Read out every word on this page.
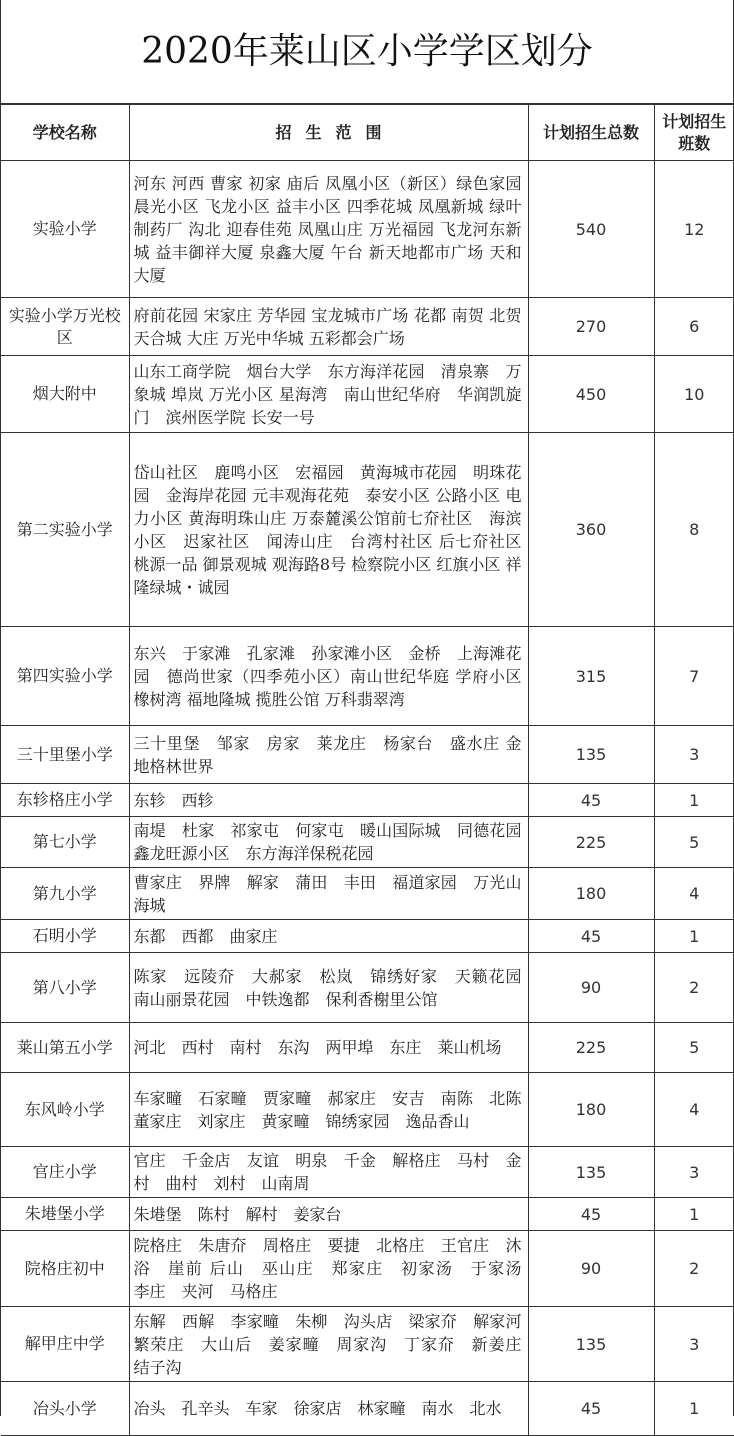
2020年莱山区小学学区划分
学校名称	招生范围	计划招生总数	计划招生班数
实验小学	河东 河西 曹家 初家 庙后 凤凰小区（新区）绿色家园 晨光小区 飞龙小区 益丰小区 四季花城 凤凰新城 绿叶制药厂 沟北 迎春佳苑 凤凰山庄 万光福园 飞龙河东新城 益丰御祥大厦 泉鑫大厦 午台 新天地都市广场 天和大厦	540	12
实验小学万光校区	府前花园 宋家庄 芳华园 宝龙城市广场 花都 南贺 北贺 天合城 大庄 万光中华城 五彩都会广场	270	6
烟大附中	山东工商学院　烟台大学　东方海洋花园　清泉寨　万象城 埠岚 万光小区 星海湾　南山世纪华府　华润凯旋门　滨州医学院 长安一号	450	10
第二实验小学	岱山社区　鹿鸣小区　宏福园　黄海城市花园　明珠花园　金海岸花园 元丰观海花苑　泰安小区 公路小区 电力小区 黄海明珠山庄 万泰麓溪公馆前七夼社区　海滨小区　迟家社区　闻涛山庄　台湾村社区 后七夼社区 桃源一品 御景观城 观海路8号 检察院小区 红旗小区 祥隆绿城・诚园	360	8
第四实验小学	东兴　于家滩　孔家滩　孙家滩小区　金桥　上海滩花园　德尚世家（四季苑小区）南山世纪华庭 学府小区 橡树湾 福地隆城 揽胜公馆 万科翡翠湾	315	7
三十里堡小学	三十里堡　邹家　房家　莱龙庄　杨家台　盛水庄 金地格林世界	135	3
东轸格庄小学	东轸　西轸	45	1
第七小学	南堤　杜家　祁家屯　何家屯　暖山国际城　同德花园　鑫龙旺源小区　东方海洋保税花园	225	5
第九小学	曹家庄　界牌　解家　蒲田　丰田　福道家园　万光山海城	180	4
石明小学	东都　西都　曲家庄	45	1
第八小学	陈家　远陵夼　大郝家　松岚　锦绣好家　天籁花园　南山丽景花园　中铁逸都　保利香榭里公馆	90	2
莱山第五小学	河北　西村　南村　东沟　两甲埠　东庄　莱山机场	225	5
东风岭小学	车家疃　石家疃　贾家疃　郝家庄　安吉　南陈　北陈　董家庄　刘家庄　黄家疃　锦绣家园　逸品香山	180	4
官庄小学	官庄　千金店　友谊　明泉　千金　解格庄　马村　金村　曲村　刘村　山南周	135	3
朱塂堡小学	朱塂堡　陈村　解村　姜家台	45	1
院格庄初中	院格庄　朱唐夼　周格庄　要捷　北格庄　王官庄　沐浴　崖前 后山　巫山庄　郑家庄　初家汤　于家汤　李庄　夹河　马格庄	90	2
解甲庄中学	东解　西解　李家疃　朱柳　沟头店　梁家夼　解家河　繁荣庄　大山后　姜家疃　周家沟　丁家夼　新姜庄　结子沟	135	3
冶头小学	冶头　孔辛头　车家　徐家店　林家疃　南水　北水	45	1
